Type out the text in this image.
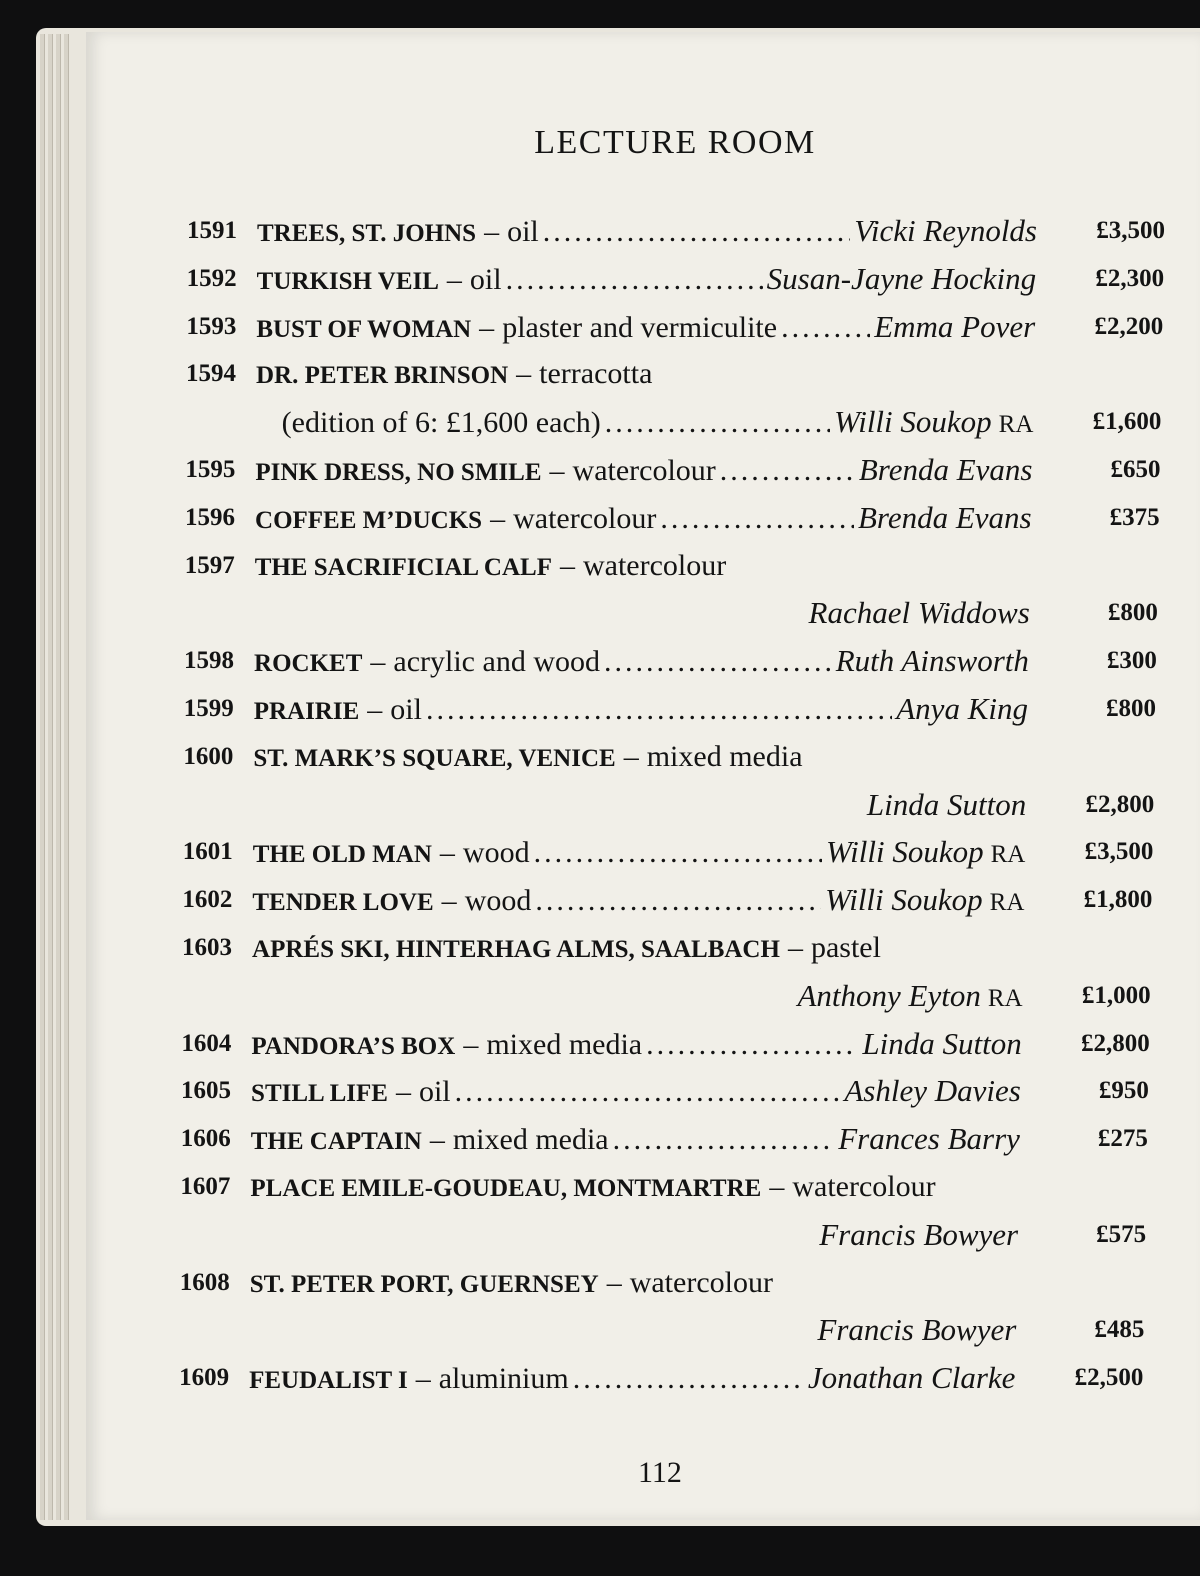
LECTURE ROOM
1591 TREES, ST. JOHNS  –  oil .....	Vicki Reynolds £3,500
1592 TURKISH VEIL  –  oil .....	Susan-Jayne Hocking £2,300
1593 BUST OF WOMAN  –  plaster and vermiculite .....	Emma Pover £2,200
1594 DR. PETER BRINSON  –  terracotta
(edition of 6: £1,600 each) .....	Willi Soukop RA £1,600
1595 PINK DRESS, NO SMILE  –  watercolour .....	Brenda Evans	£650
1596 COFFEE M’DUCKS  –  watercolour .....	Brenda Evans	£375
1597 THE SACRIFICIAL CALF  –  watercolour
Rachael Widdows	£800
1598 ROCKET  –  acrylic and wood .....	Ruth Ainsworth	£300
1599 PRAIRIE  –  oil .....	Anya King	£800
1600 ST. MARK’S SQUARE, VENICE  –  mixed media
Linda Sutton £2,800
1601 THE OLD MAN  –  wood .....	Willi Soukop RA £3,500
1602 TENDER LOVE  –  wood .....	Willi Soukop RA £1,800
1603 APRÉS SKI, HINTERHAG ALMS, SAALBACH  –  pastel
Anthony Eyton RA £1,000
1604 PANDORA’S BOX  –  mixed media .....	Linda Sutton £2,800
1605 STILL LIFE  –  oil .....	Ashley Davies	£950
1606 THE CAPTAIN  –  mixed media .....	Frances Barry	£275
1607 PLACE EMILE-GOUDEAU, MONTMARTRE  –  watercolour
Francis Bowyer	£575
1608 ST. PETER PORT, GUERNSEY  –  watercolour
Francis Bowyer	£485
1609 FEUDALIST I  –  aluminium .....	Jonathan Clarke £2,500
112
